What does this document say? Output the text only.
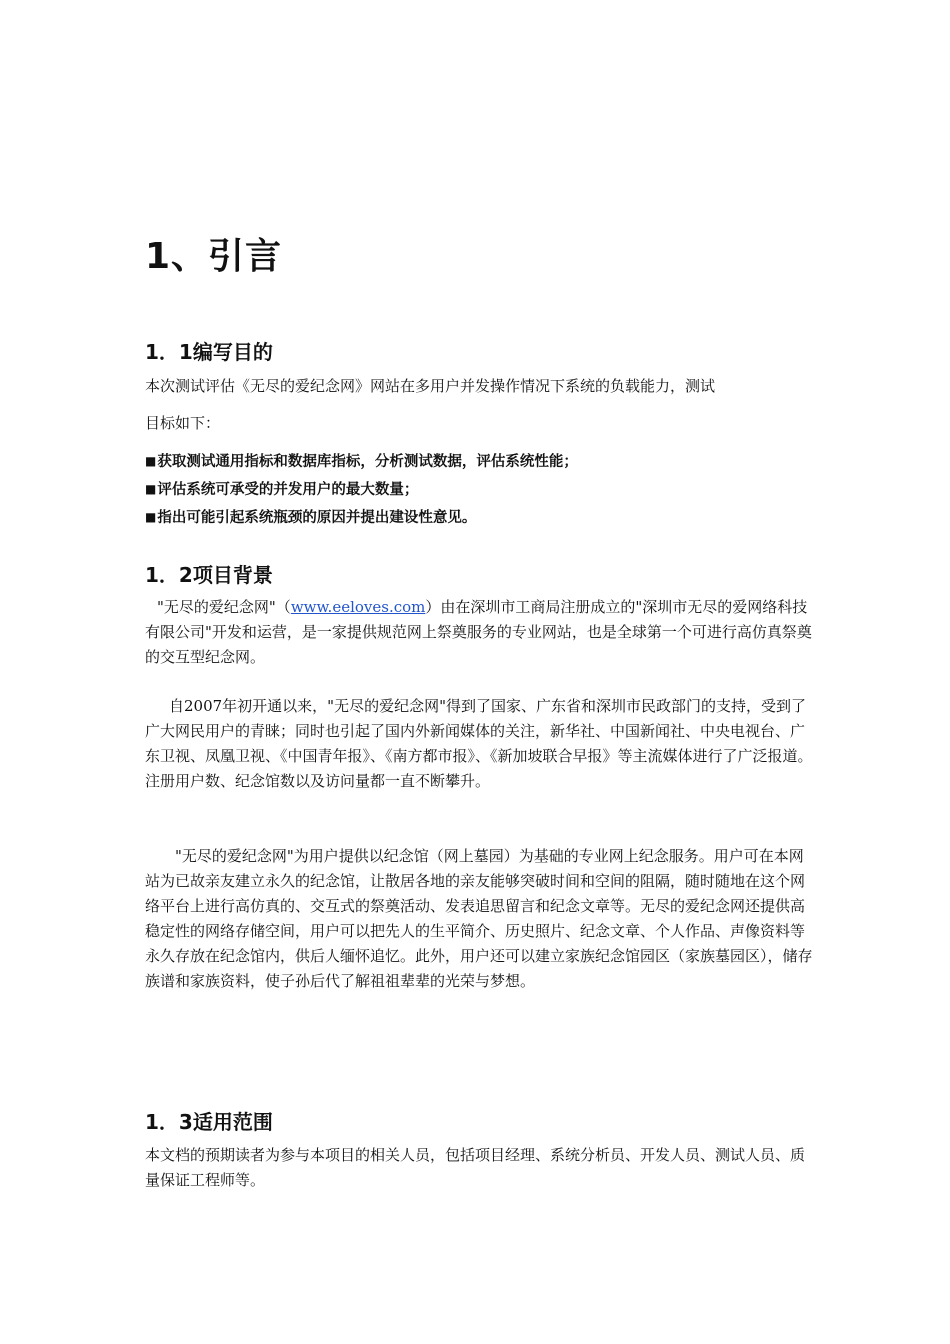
1、引言
1．1编写目的

本次测试评估《无尽的爱纪念网》网站在多用户并发操作情况下系统的负载能力，测试

目标如下：

■获取测试通用指标和数据库指标，分析测试数据，评估系统性能；
■评估系统可承受的并发用户的最大数量；
■指出可能引起系统瓶颈的原因并提出建设性意见。
1．2项目背景

"无尽的爱纪念网"（www.eeloves.com）由在深圳市工商局注册成立的"深圳市无尽的爱网络科技有限公司"开发和运营，是一家提供规范网上祭奠服务的专业网站，也是全球第一个可进行高仿真祭奠的交互型纪念网。

自2007年初开通以来，"无尽的爱纪念网"得到了国家、广东省和深圳市民政部门的支持，受到了广大网民用户的青睐；同时也引起了国内外新闻媒体的关注，新华社、中国新闻社、中央电视台、广东卫视、凤凰卫视、《中国青年报》、《南方都市报》、《新加坡联合早报》等主流媒体进行了广泛报道。注册用户数、纪念馆数以及访问量都一直不断攀升。

"无尽的爱纪念网"为用户提供以纪念馆（网上墓园）为基础的专业网上纪念服务。用户可在本网站为已故亲友建立永久的纪念馆，让散居各地的亲友能够突破时间和空间的阻隔，随时随地在这个网络平台上进行高仿真的、交互式的祭奠活动、发表追思留言和纪念文章等。无尽的爱纪念网还提供高稳定性的网络存储空间，用户可以把先人的生平简介、历史照片、纪念文章、个人作品、声像资料等永久存放在纪念馆内，供后人缅怀追忆。此外，用户还可以建立家族纪念馆园区（家族墓园区），储存族谱和家族资料，使子孙后代了解祖祖辈辈的光荣与梦想。

1．3适用范围

本文档的预期读者为参与本项目的相关人员，包括项目经理、系统分析员、开发人员、测试人员、质量保证工程师等。
